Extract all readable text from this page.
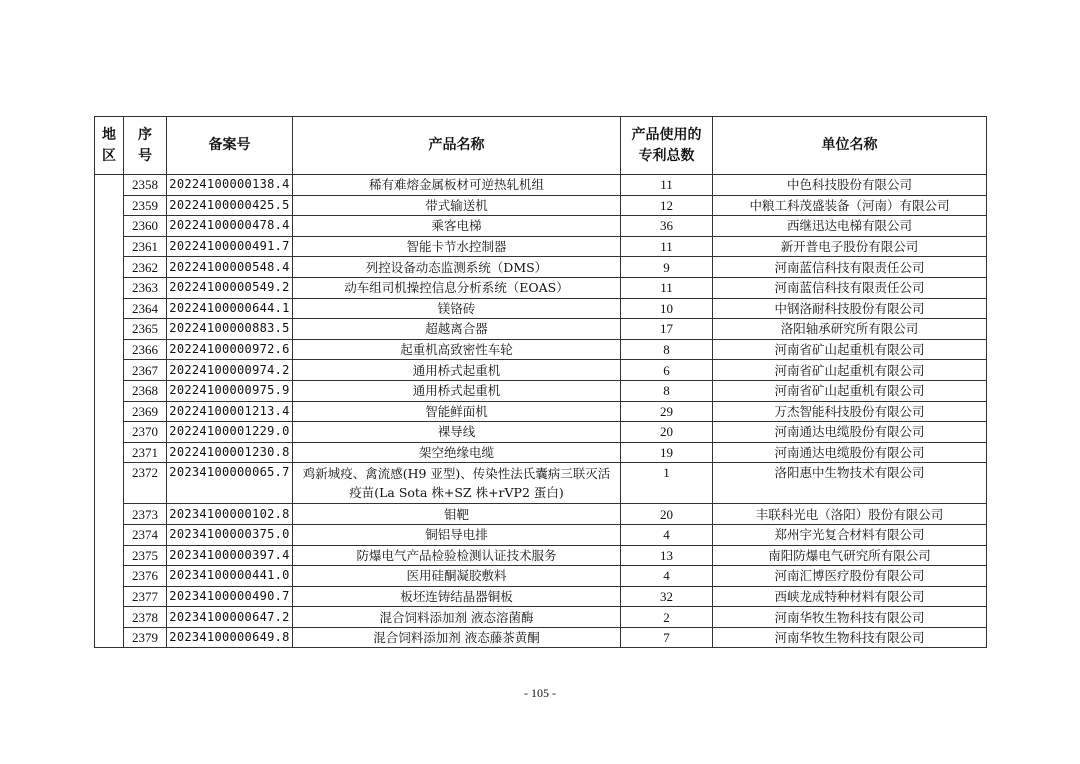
地区	序号	备案号	产品名称	产品使用的专利总数	单位名称
	2358	20224100000138.4	稀有难熔金属板材可逆热轧机组	11	中色科技股份有限公司
	2359	20224100000425.5	带式输送机	12	中粮工科茂盛装备（河南）有限公司
	2360	20224100000478.4	乘客电梯	36	西继迅达电梯有限公司
	2361	20224100000491.7	智能卡节水控制器	11	新开普电子股份有限公司
	2362	20224100000548.4	列控设备动态监测系统（DMS）	9	河南蓝信科技有限责任公司
	2363	20224100000549.2	动车组司机操控信息分析系统（EOAS）	11	河南蓝信科技有限责任公司
	2364	20224100000644.1	镁铬砖	10	中钢洛耐科技股份有限公司
	2365	20224100000883.5	超越离合器	17	洛阳轴承研究所有限公司
	2366	20224100000972.6	起重机高致密性车轮	8	河南省矿山起重机有限公司
	2367	20224100000974.2	通用桥式起重机	6	河南省矿山起重机有限公司
	2368	20224100000975.9	通用桥式起重机	8	河南省矿山起重机有限公司
	2369	20224100001213.4	智能鲜面机	29	万杰智能科技股份有限公司
	2370	20224100001229.0	裸导线	20	河南通达电缆股份有限公司
	2371	20224100001230.8	架空绝缘电缆	19	河南通达电缆股份有限公司
	2372	20234100000065.7	鸡新城疫、禽流感(H9 亚型)、传染性法氏囊病三联灭活疫苗(La Sota 株+SZ 株+rVP2 蛋白)	1	洛阳惠中生物技术有限公司
	2373	20234100000102.8	钼靶	20	丰联科光电（洛阳）股份有限公司
	2374	20234100000375.0	铜铝导电排	4	郑州宇光复合材料有限公司
	2375	20234100000397.4	防爆电气产品检验检测认证技术服务	13	南阳防爆电气研究所有限公司
	2376	20234100000441.0	医用硅酮凝胶敷料	4	河南汇博医疗股份有限公司
	2377	20234100000490.7	板坯连铸结晶器铜板	32	西峡龙成特种材料有限公司
	2378	20234100000647.2	混合饲料添加剂 液态溶菌酶	2	河南华牧生物科技有限公司
	2379	20234100000649.8	混合饲料添加剂 液态藤茶黄酮	7	河南华牧生物科技有限公司
- 105 -
